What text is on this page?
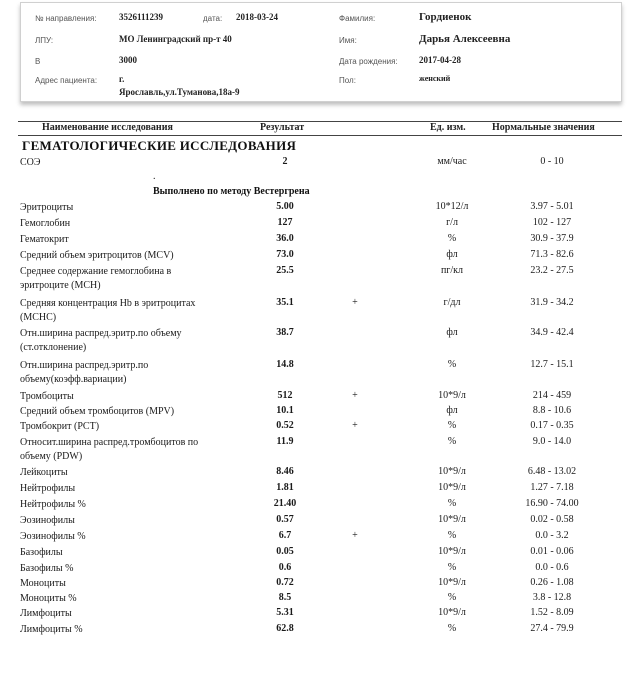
№ направления: 3526111239	дата: 2018-03-24
ЛПУ:	МО Ленинградский пр-т 40
В	3000
Адрес пациента: г.
Ярославль,ул.Туманова,18а-9
Фамилия:	Гордиенок
Имя:	Дарья Алексеевна
Дата рождения: 2017-04-28
Пол:	женский
Наименование исследования	Результат	Ед. изм.	Нормальные значения
ГЕМАТОЛОГИЧЕСКИЕ ИССЛЕДОВАНИЯ
.
Выполнено по методу Вестергрена
СОЭ	2	мм/час	0 - 10
Эритроциты	5.00	10*12/л	3.97 - 5.01
Гемоглобин	127	г/л	102 - 127
Гематокрит	36.0	%	30.9 - 37.9
Средний объем эритроцитов (MCV)	73.0	фл	71.3 - 82.6
Среднее содержание гемоглобина в эритроците (MCH)
25.5	пг/кл	23.2 - 27.5
Средняя концентрация Hb в эритроцитах (MCHC)
35.1	+	г/дл	31.9 - 34.2
Отн.ширина распред.эритр.по объему (ст.отклонение)
38.7	фл	34.9 - 42.4
Отн.ширина распред.эритр.по объему(коэфф.вариации)
14.8	%	12.7 - 15.1
Тромбоциты	512	+	10*9/л	214 - 459
Средний объем тромбоцитов (MPV)	10.1	фл	8.8 - 10.6
Тромбокрит (PCT)	0.52	+	%	0.17 - 0.35
Относит.ширина распред.тромбоцитов по объему (PDW)
11.9	%	9.0 - 14.0
Лейкоциты	8.46	10*9/л	6.48 - 13.02
Нейтрофилы	1.81	10*9/л	1.27 - 7.18
Нейтрофилы %	21.40	%	16.90 - 74.00
Эозинофилы	0.57	10*9/л	0.02 - 0.58
Эозинофилы %	6.7	+	%	0.0 - 3.2
Базофилы	0.05	10*9/л	0.01 - 0.06
Базофилы %	0.6	%	0.0 - 0.6
Моноциты	0.72	10*9/л	0.26 - 1.08
Моноциты %	8.5	%	3.8 - 12.8
Лимфоциты	5.31	10*9/л	1.52 - 8.09
Лимфоциты %	62.8	%	27.4 - 79.9
